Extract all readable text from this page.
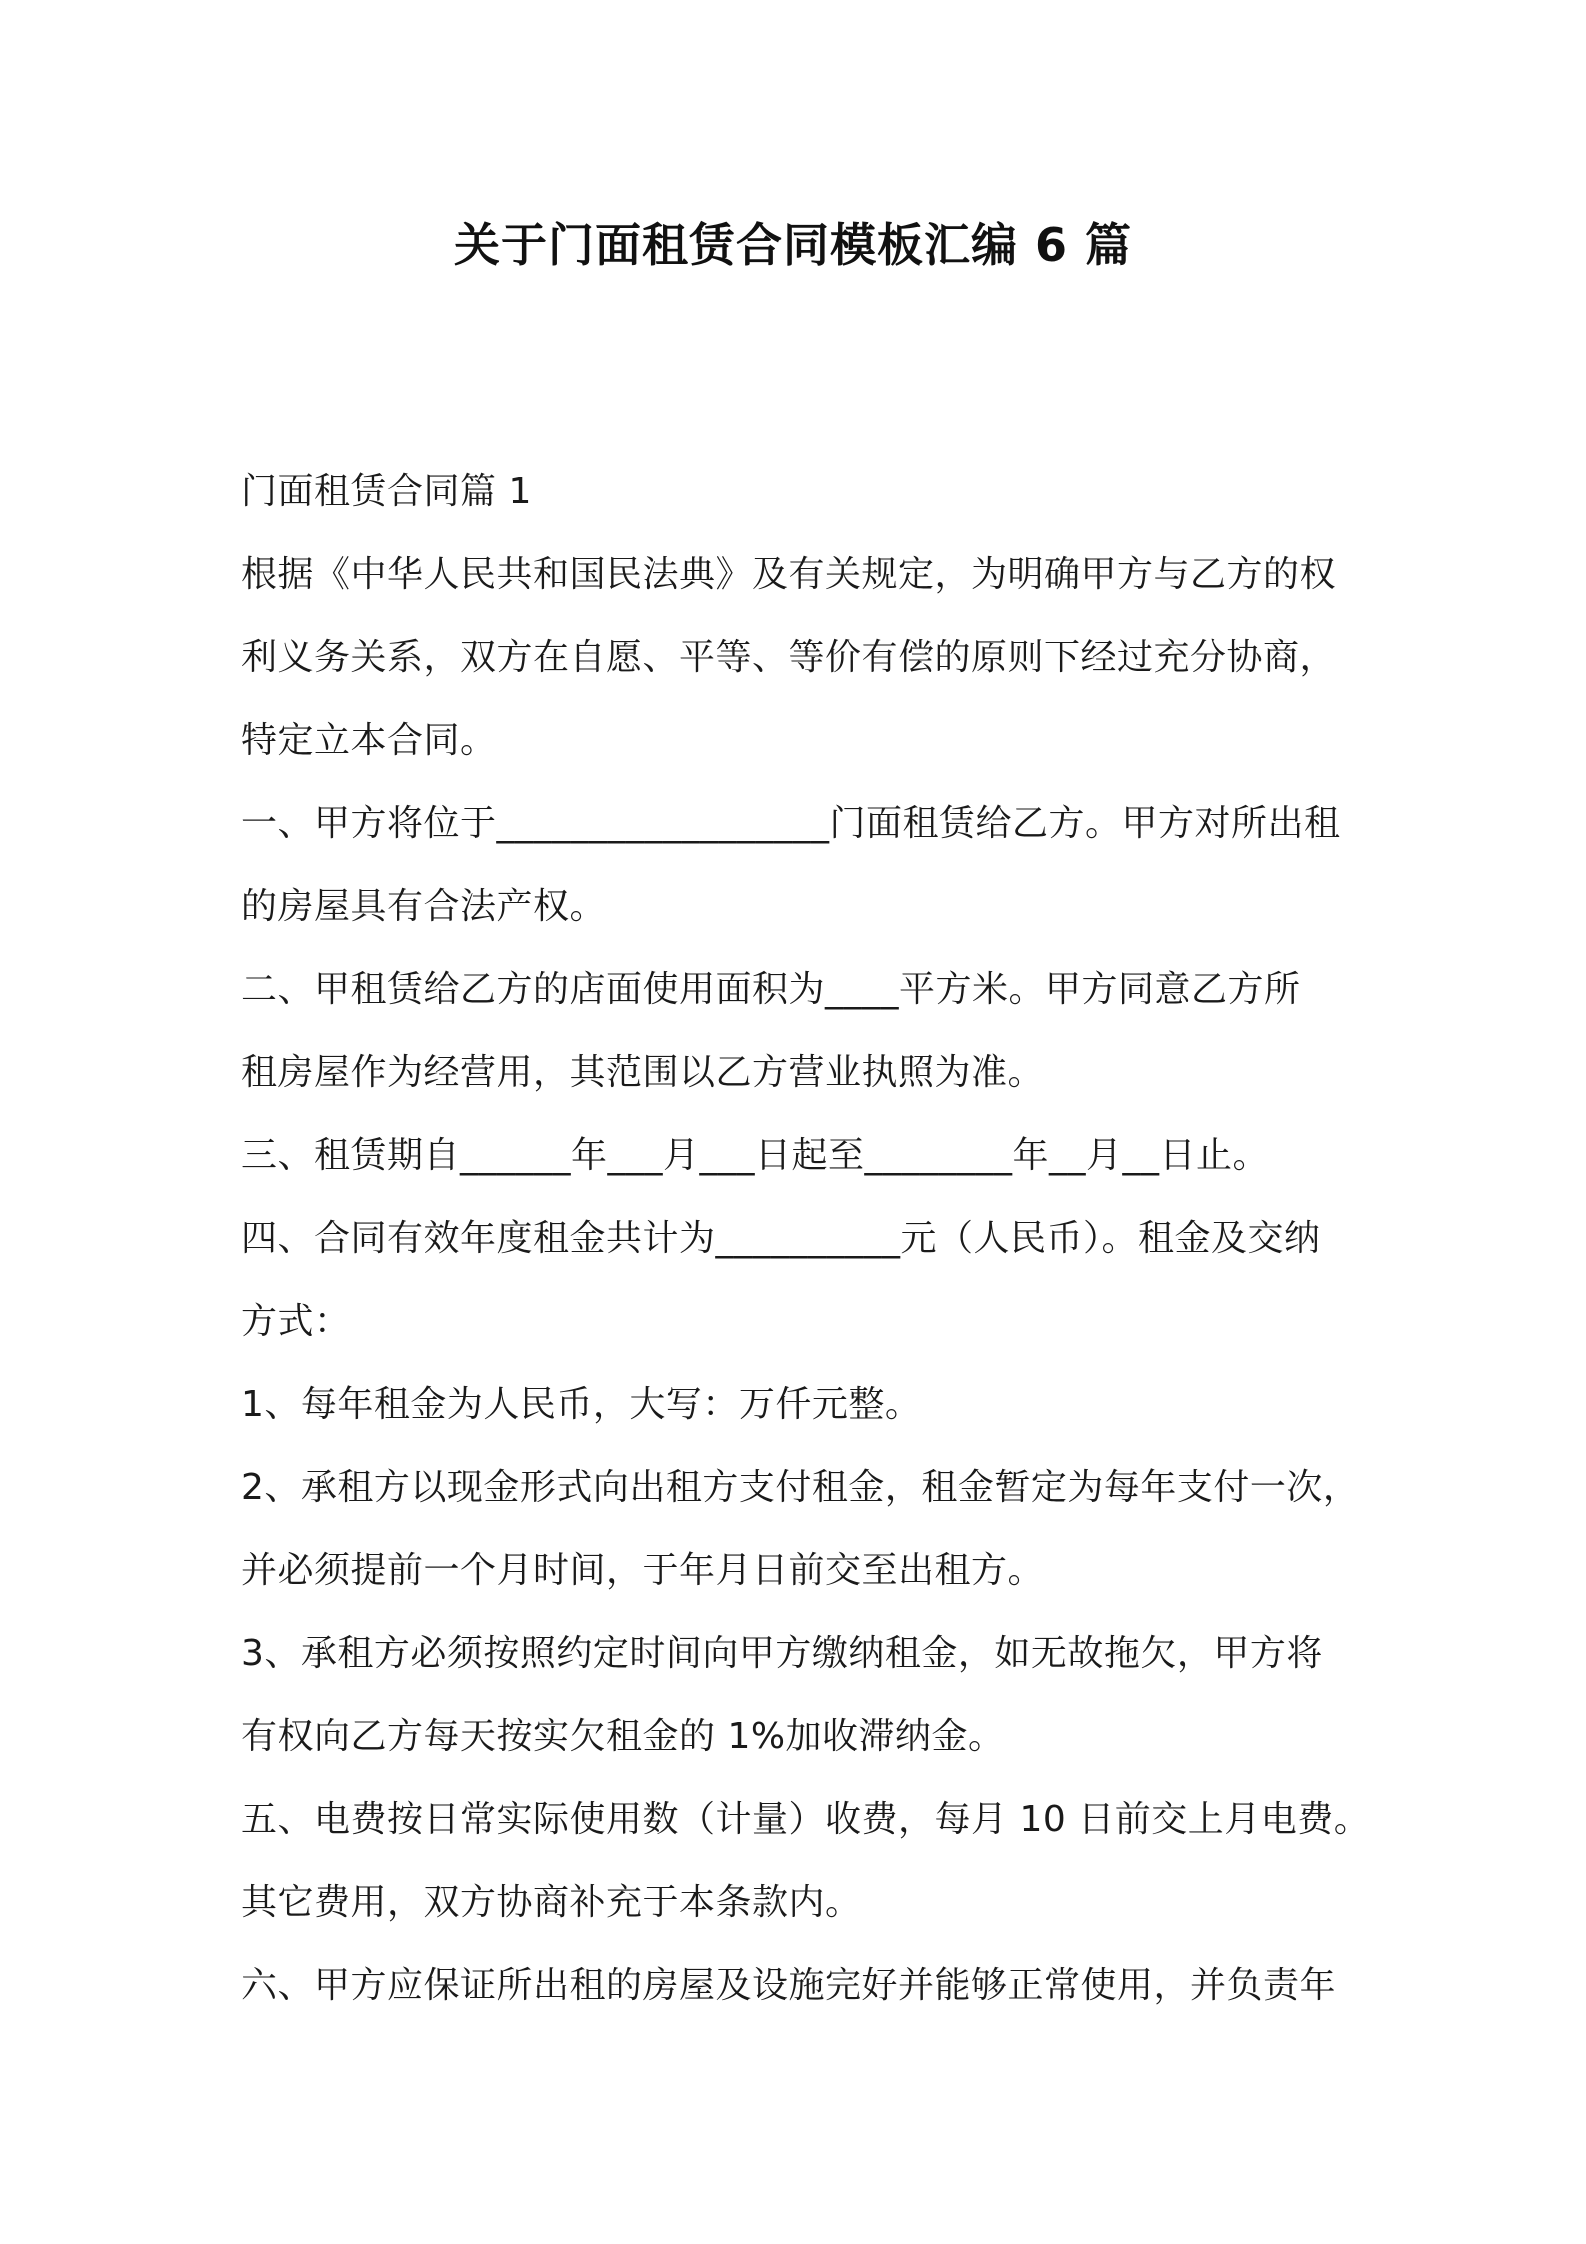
关于门面租赁合同模板汇编 6 篇
门面租赁合同篇 1
根据《中华人民共和国民法典》及有关规定，为明确甲方与乙方的权
利义务关系，双方在自愿、平等、等价有偿的原则下经过充分协商，
特定立本合同。
一、甲方将位于__________________门面租赁给乙方。甲方对所出租
的房屋具有合法产权。
二、甲租赁给乙方的店面使用面积为____平方米。甲方同意乙方所
租房屋作为经营用，其范围以乙方营业执照为准。
三、租赁期自______年___月___日起至________年__月__日止。
四、合同有效年度租金共计为__________元（人民币）。租金及交纳
方式：
1、每年租金为人民币，大写：万仟元整。
2、承租方以现金形式向出租方支付租金，租金暂定为每年支付一次，
并必须提前一个月时间，于年月日前交至出租方。
3、承租方必须按照约定时间向甲方缴纳租金，如无故拖欠，甲方将
有权向乙方每天按实欠租金的 1%加收滞纳金。
五、电费按日常实际使用数（计量）收费，每月 10 日前交上月电费。
其它费用，双方协商补充于本条款内。
六、甲方应保证所出租的房屋及设施完好并能够正常使用，并负责年
